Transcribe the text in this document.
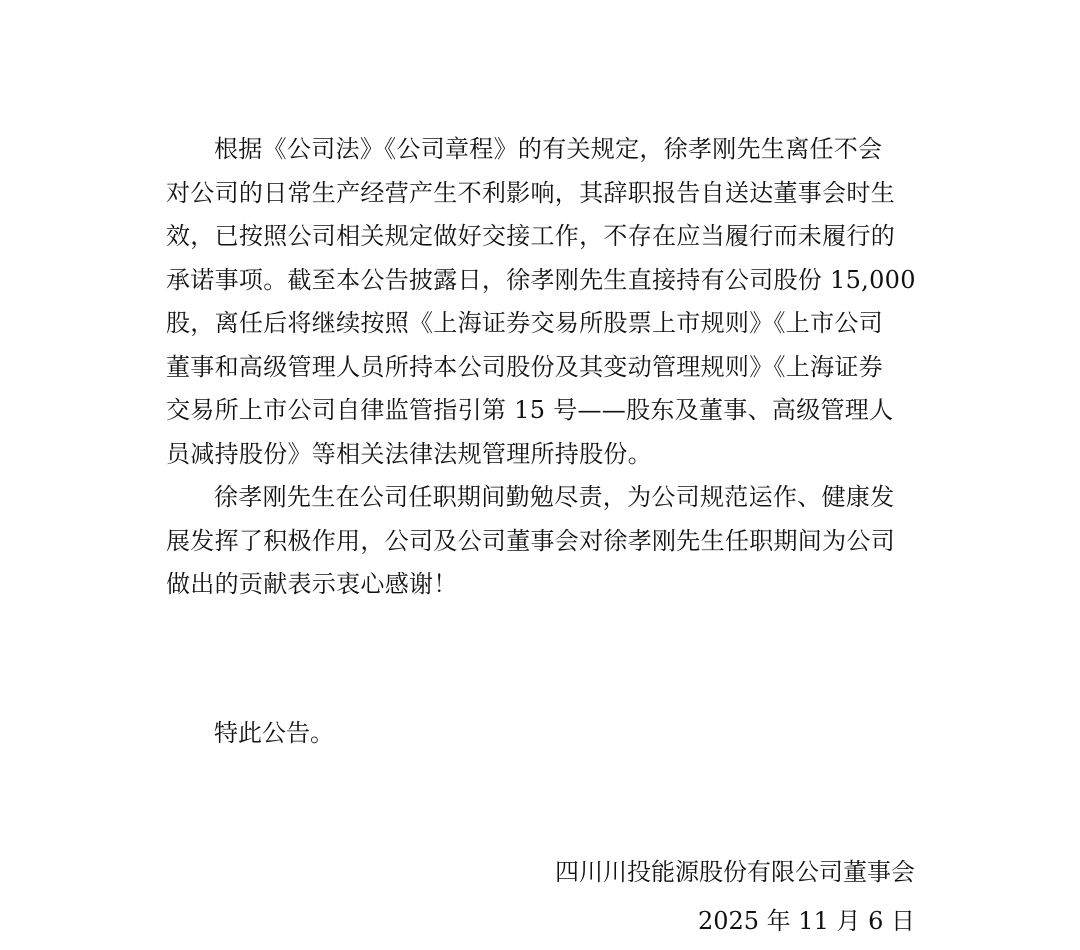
根据《公司法》《公司章程》的有关规定，徐孝刚先生离任不会
对公司的日常生产经营产生不利影响，其辞职报告自送达董事会时生
效，已按照公司相关规定做好交接工作，不存在应当履行而未履行的
承诺事项。截至本公告披露日，徐孝刚先生直接持有公司股份 15,000
股，离任后将继续按照《上海证券交易所股票上市规则》《上市公司
董事和高级管理人员所持本公司股份及其变动管理规则》《上海证券
交易所上市公司自律监管指引第 15 号——股东及董事、高级管理人
员减持股份》等相关法律法规管理所持股份。
徐孝刚先生在公司任职期间勤勉尽责，为公司规范运作、健康发
展发挥了积极作用，公司及公司董事会对徐孝刚先生任职期间为公司
做出的贡献表示衷心感谢！
特此公告。
四川川投能源股份有限公司董事会
2025 年 11 月 6 日
